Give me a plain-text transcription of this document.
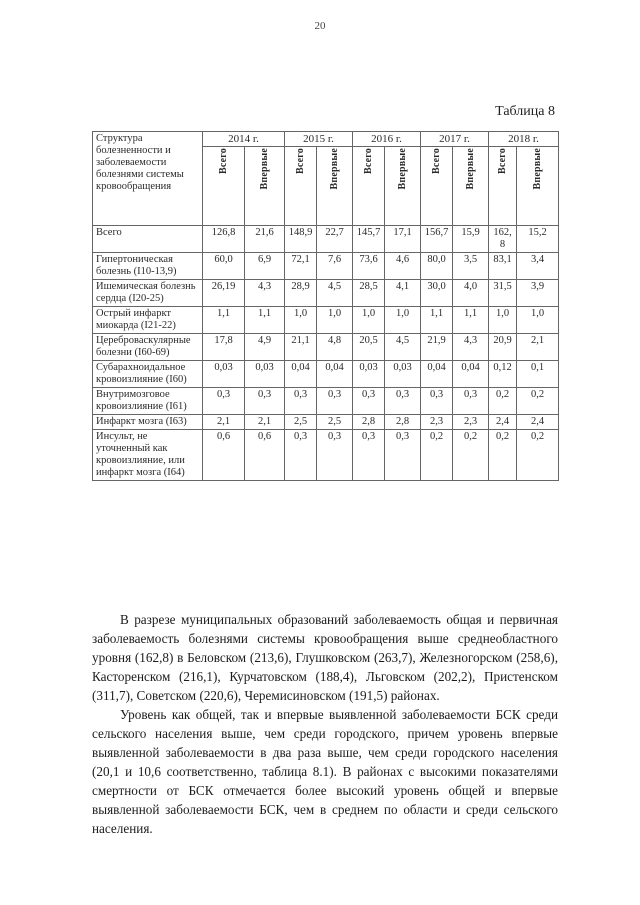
20
Таблица 8
Структура болезненности и заболеваемости болезнями системы кровообращения	2014 г.		2015 г.		2016 г.		2017 г.		2018 г.	
	Всего	Впервые	Всего	Впервые	Всего	Впервые	Всего	Впервые	Всего	Впервые
Всего	126,8	21,6	148,9	22,7	145,7	17,1	156,7	15,9	162,8	15,2
Гипертоническая болезнь (I10-13,9)	60,0	6,9	72,1	7,6	73,6	4,6	80,0	3,5	83,1	3,4
Ишемическая болезнь сердца (I20-25)	26,19	4,3	28,9	4,5	28,5	4,1	30,0	4,0	31,5	3,9
Острый инфаркт миокарда (I21-22)	1,1	1,1	1,0	1,0	1,0	1,0	1,1	1,1	1,0	1,0
Цереброваскулярные болезни (I60-69)	17,8	4,9	21,1	4,8	20,5	4,5	21,9	4,3	20,9	2,1
Субарахноидальное кровоизлияние (I60)	0,03	0,03	0,04	0,04	0,03	0,03	0,04	0,04	0,12	0,1
Внутримозговое кровоизлияние (I61)	0,3	0,3	0,3	0,3	0,3	0,3	0,3	0,3	0,2	0,2
Инфаркт мозга (I63)	2,1	2,1	2,5	2,5	2,8	2,8	2,3	2,3	2,4	2,4
Инсульт, не уточненный как кровоизлияние, или инфаркт мозга (I64)	0,6	0,6	0,3	0,3	0,3	0,3	0,2	0,2	0,2	0,2

В разрезе муниципальных образований заболеваемость общая и первичная заболеваемость болезнями системы кровообращения выше среднеобластного уровня (162,8) в Беловском (213,6), Глушковском (263,7), Железногорском (258,6), Касторенском (216,1), Курчатовском (188,4), Льговском (202,2), Пристенском (311,7), Советском (220,6), Черемисиновском (191,5) районах.

Уровень как общей, так и впервые выявленной заболеваемости БСК среди сельского населения выше, чем среди городского, причем уровень впервые выявленной заболеваемости в два раза выше, чем среди городского населения (20,1 и 10,6 соответственно, таблица 8.1). В районах с высокими показателями смертности от БСК отмечается более высокий уровень общей и впервые выявленной заболеваемости БСК, чем в среднем по области и среди сельского населения.
